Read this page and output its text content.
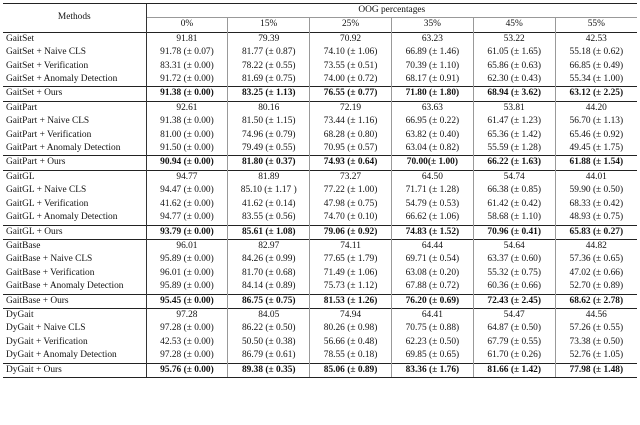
Methods	OOG percentages					
	0%	15%	25%	35%	45%	55%
GaitSet	91.81	79.39	70.92	63.23	53.22	42.53
GaitSet + Naive CLS	91.78 (± 0.07)	81.77 (± 0.87)	74.10 (± 1.06)	66.89 (± 1.46)	61.05 (± 1.65)	55.18 (± 0.62)
GaitSet + Verification	83.31 (± 0.00)	78.22 (± 0.55)	73.55 (± 0.51)	70.39 (± 1.10)	65.86 (± 0.63)	66.85 (± 0.49)
GaitSet + Anomaly Detection	91.72 (± 0.00)	81.69 (± 0.75)	74.00 (± 0.72)	68.17 (± 0.91)	62.30 (± 0.43)	55.34 (± 1.00)
GaitSet + Ours	91.38 (± 0.00)	83.25 (± 1.13)	76.55 (± 0.77)	71.80 (± 1.80)	68.94 (± 3.62)	63.12 (± 2.25)
GaitPart	92.61	80.16	72.19	63.63	53.81	44.20
GaitPart + Naive CLS	91.38 (± 0.00)	81.50 (± 1.15)	73.44 (± 1.16)	66.95 (± 0.22)	61.47 (± 1.23)	56.70 (± 1.13)
GaitPart + Verification	81.00 (± 0.00)	74.96 (± 0.79)	68.28 (± 0.80)	63.82 (± 0.40)	65.36 (± 1.42)	65.46 (± 0.92)
GaitPart + Anomaly Detection	91.50 (± 0.00)	79.49 (± 0.55)	70.95 (± 0.57)	63.04 (± 0.82)	55.59 (± 1.28)	49.45 (± 1.75)
GaitPart + Ours	90.94 (± 0.00)	81.80 (± 0.37)	74.93 (± 0.64)	70.00(± 1.00)	66.22 (± 1.63)	61.88 (± 1.54)
GaitGL	94.77	81.89	73.27	64.50	54.74	44.01
GaitGL + Naive CLS	94.47 (± 0.00)	85.10 (± 1.17 )	77.22 (± 1.00)	71.71 (± 1.28)	66.38 (± 0.85)	59.90 (± 0.50)
GaitGL + Verification	41.62 (± 0.00)	41.62 (± 0.14)	47.98 (± 0.75)	54.79 (± 0.53)	61.42 (± 0.42)	68.33 (± 0.42)
GaitGL + Anomaly Detection	94.77 (± 0.00)	83.55 (± 0.56)	74.70 (± 0.10)	66.62 (± 1.06)	58.68 (± 1.10)	48.93 (± 0.75)
GaitGL + Ours	93.79 (± 0.00)	85.61 (± 1.08)	79.06 (± 0.92)	74.83 (± 1.52)	70.96 (± 0.41)	65.83 (± 0.27)
GaitBase	96.01	82.97	74.11	64.44	54.64	44.82
GaitBase + Naive CLS	95.89 (± 0.00)	84.26 (± 0.99)	77.65 (± 1.79)	69.71 (± 0.54)	63.37 (± 0.60)	57.36 (± 0.65)
GaitBase + Verification	96.01 (± 0.00)	81.70 (± 0.68)	71.49 (± 1.06)	63.08 (± 0.20)	55.32 (± 0.75)	47.02 (± 0.66)
GaitBase + Anomaly Detection	95.89 (± 0.00)	84.14 (± 0.89)	75.73 (± 1.12)	67.88 (± 0.72)	60.36 (± 0.66)	52.70 (± 0.89)
GaitBase + Ours	95.45 (± 0.00)	86.75 (± 0.75)	81.53 (± 1.26)	76.20 (± 0.69)	72.43 (± 2.45)	68.62 (± 2.78)
DyGait	97.28	84.05	74.94	64.41	54.47	44.56
DyGait + Naive CLS	97.28 (± 0.00)	86.22 (± 0.50)	80.26 (± 0.98)	70.75 (± 0.88)	64.87 (± 0.50)	57.26 (± 0.55)
DyGait + Verification	42.53 (± 0.00)	50.50 (± 0.38)	56.66 (± 0.48)	62.23 (± 0.50)	67.79 (± 0.55)	73.38 (± 0.50)
DyGait + Anomaly Detection	97.28 (± 0.00)	86.79 (± 0.61)	78.55 (± 0.18)	69.85 (± 0.65)	61.70 (± 0.26)	52.76 (± 1.05)
DyGait + Ours	95.76 (± 0.00)	89.38 (± 0.35)	85.06 (± 0.89)	83.36 (± 1.76)	81.66 (± 1.42)	77.98 (± 1.48)
